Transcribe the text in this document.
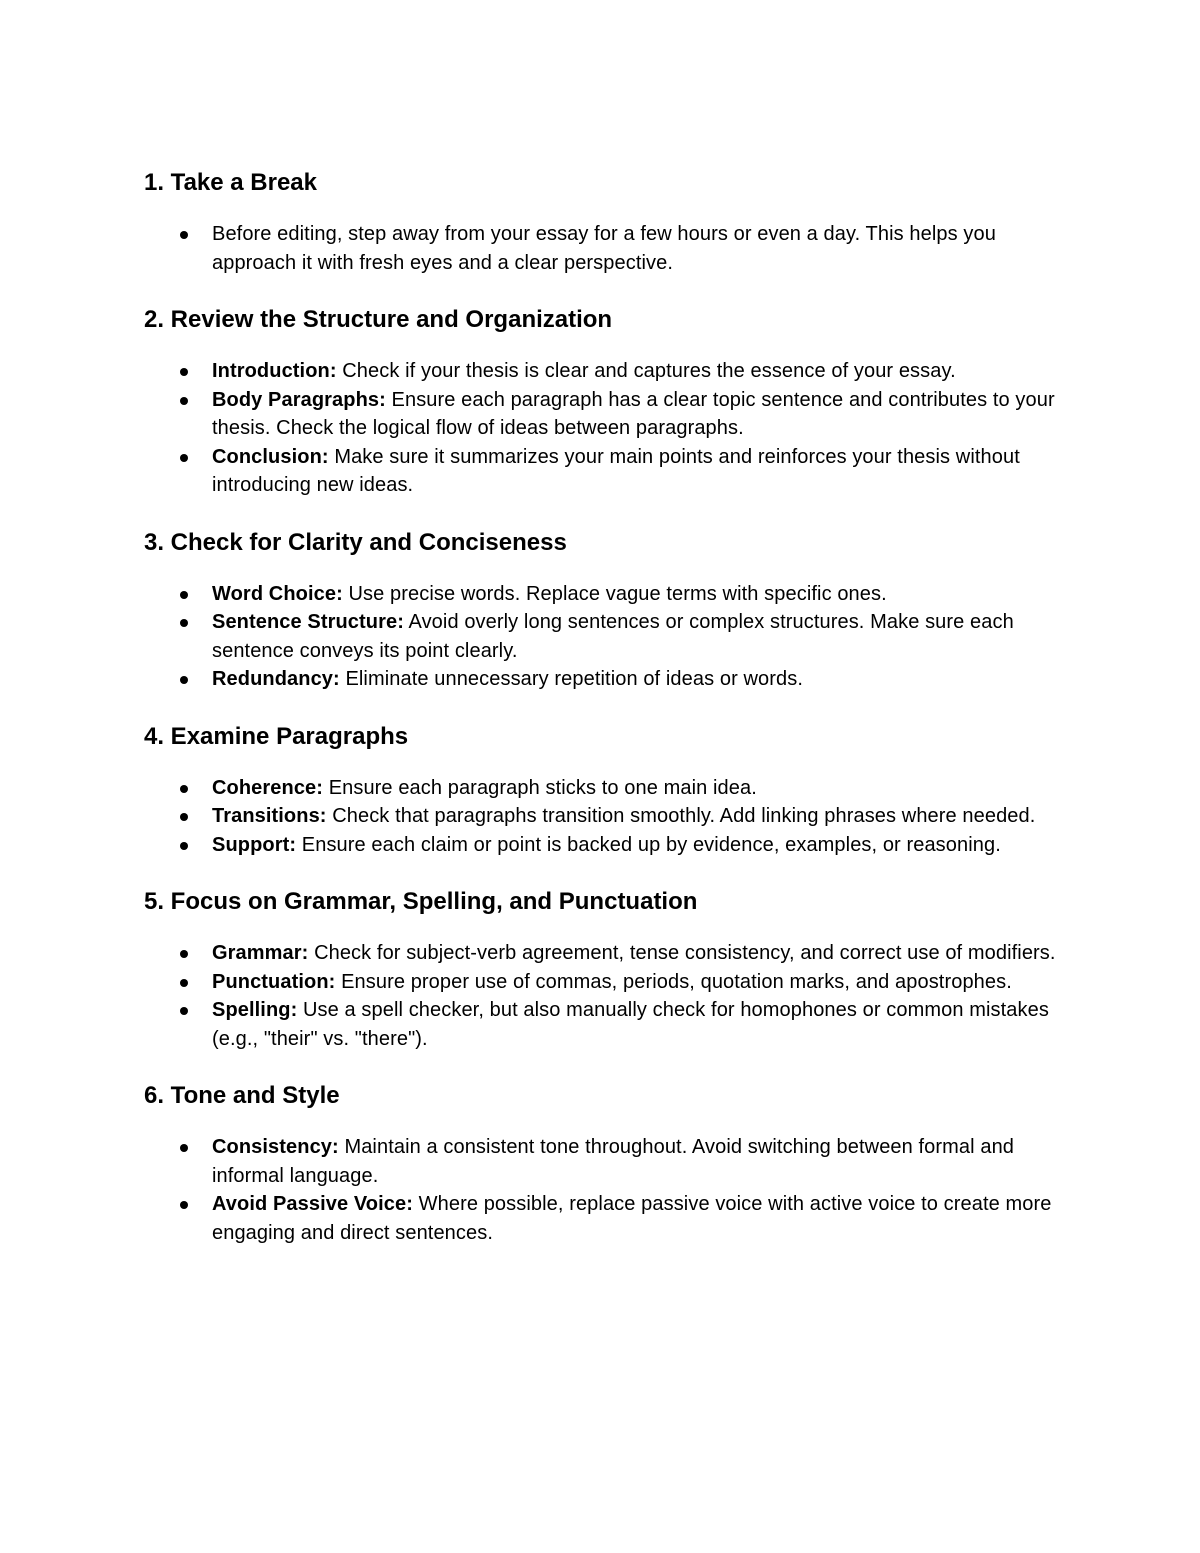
1. Take a Break
Before editing, step away from your essay for a few hours or even a day. This helps you approach it with fresh eyes and a clear perspective.
2. Review the Structure and Organization
Introduction: Check if your thesis is clear and captures the essence of your essay.
Body Paragraphs: Ensure each paragraph has a clear topic sentence and contributes to your thesis. Check the logical flow of ideas between paragraphs.
Conclusion: Make sure it summarizes your main points and reinforces your thesis without introducing new ideas.
3. Check for Clarity and Conciseness
Word Choice: Use precise words. Replace vague terms with specific ones.
Sentence Structure: Avoid overly long sentences or complex structures. Make sure each sentence conveys its point clearly.
Redundancy: Eliminate unnecessary repetition of ideas or words.
4. Examine Paragraphs
Coherence: Ensure each paragraph sticks to one main idea.
Transitions: Check that paragraphs transition smoothly. Add linking phrases where needed.
Support: Ensure each claim or point is backed up by evidence, examples, or reasoning.
5. Focus on Grammar, Spelling, and Punctuation
Grammar: Check for subject-verb agreement, tense consistency, and correct use of modifiers.
Punctuation: Ensure proper use of commas, periods, quotation marks, and apostrophes.
Spelling: Use a spell checker, but also manually check for homophones or common mistakes (e.g., "their" vs. "there").
6. Tone and Style
Consistency: Maintain a consistent tone throughout. Avoid switching between formal and informal language.
Avoid Passive Voice: Where possible, replace passive voice with active voice to create more engaging and direct sentences.
